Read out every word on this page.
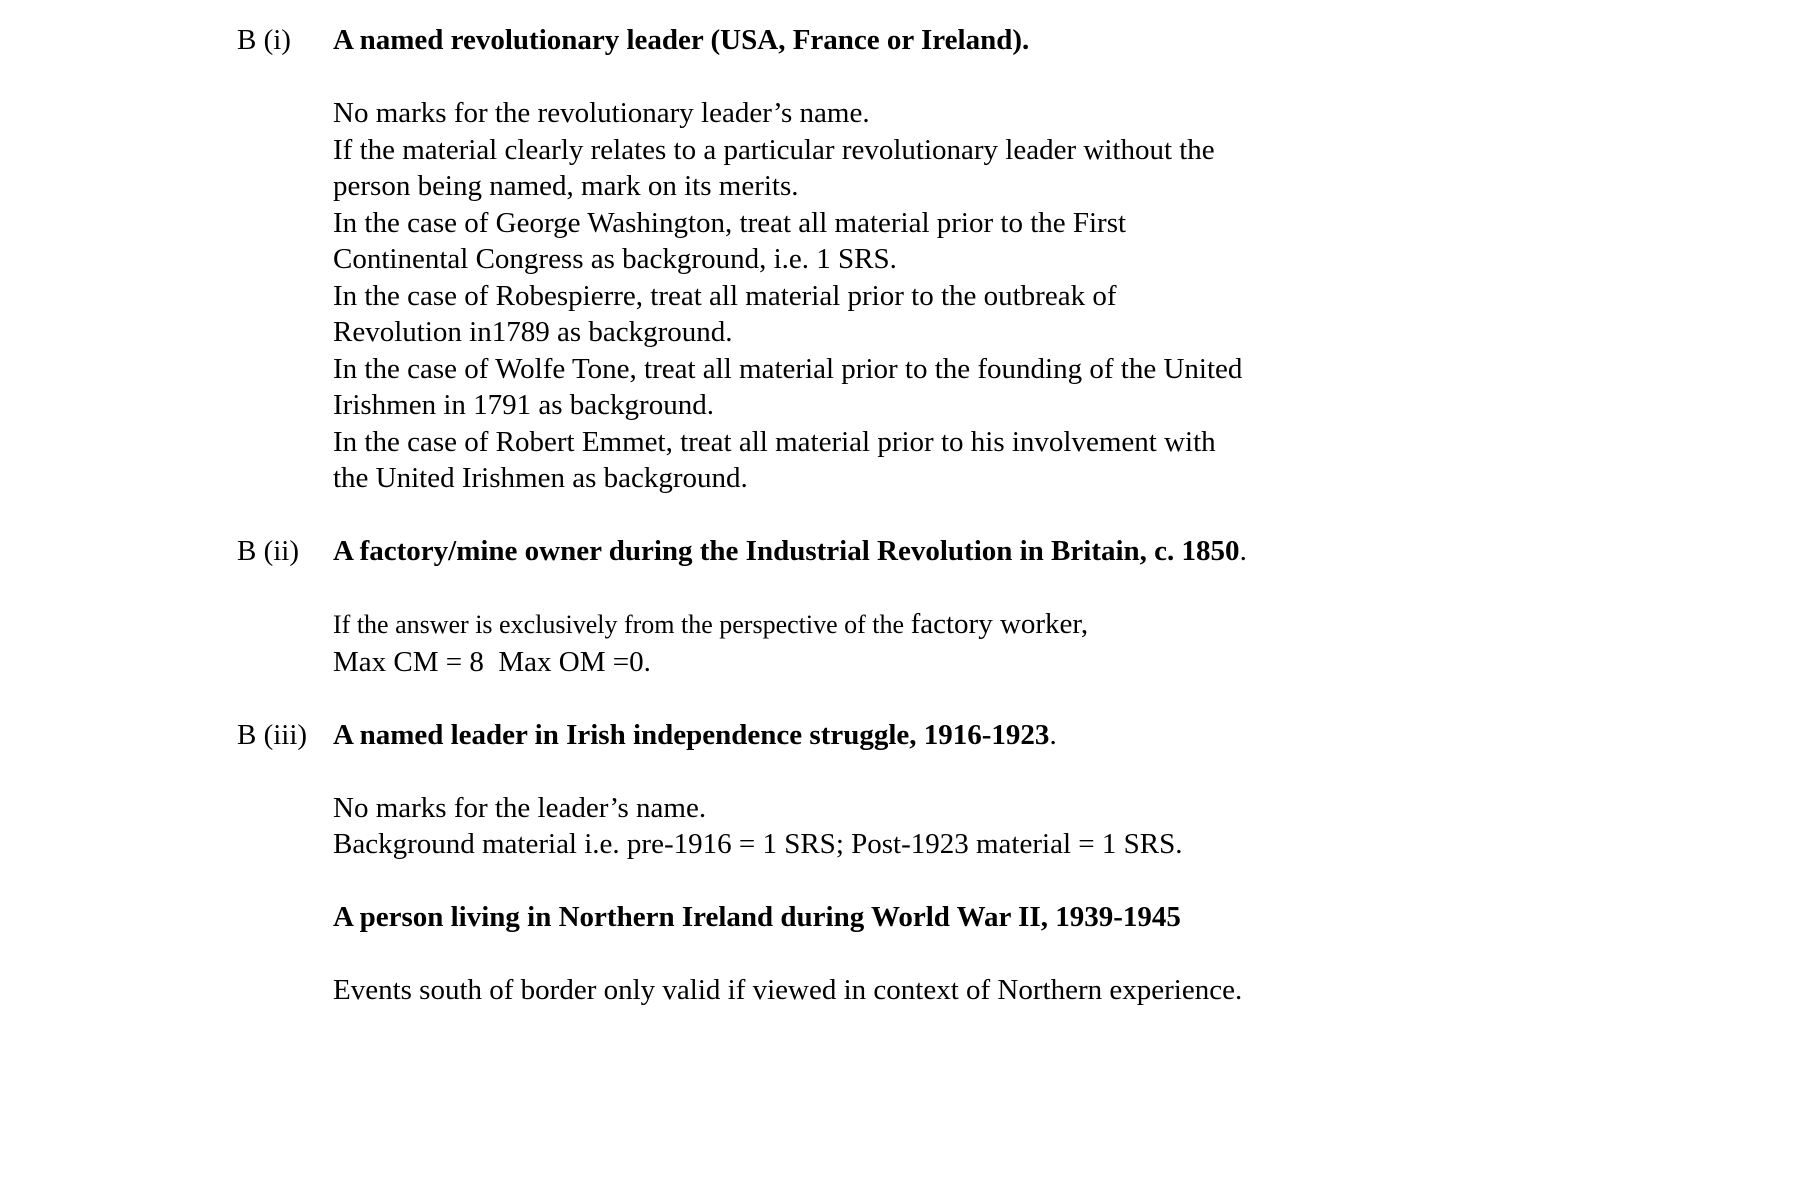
B (i)	A named revolutionary leader (USA, France or Ireland).
No marks for the revolutionary leader’s name.
If the material clearly relates to a particular revolutionary leader without the
person being named, mark on its merits.
In the case of George Washington, treat all material prior to the First
Continental Congress as background, i.e. 1 SRS.
In the case of Robespierre, treat all material prior to the outbreak of
Revolution in1789 as background.
In the case of Wolfe Tone, treat all material prior to the founding of the United
Irishmen in 1791 as background.
In the case of Robert Emmet, treat all material prior to his involvement with
the United Irishmen as background.
B (ii)	A factory/mine owner during the Industrial Revolution in Britain, c. 1850.
If the answer is exclusively from the perspective of the factory worker,
Max CM = 8  Max OM =0.
B (iii) A named leader in Irish independence struggle, 1916-1923.
No marks for the leader’s name.
Background material i.e. pre-1916 = 1 SRS; Post-1923 material = 1 SRS.
A person living in Northern Ireland during World War II, 1939-1945
Events south of border only valid if viewed in context of Northern experience.
